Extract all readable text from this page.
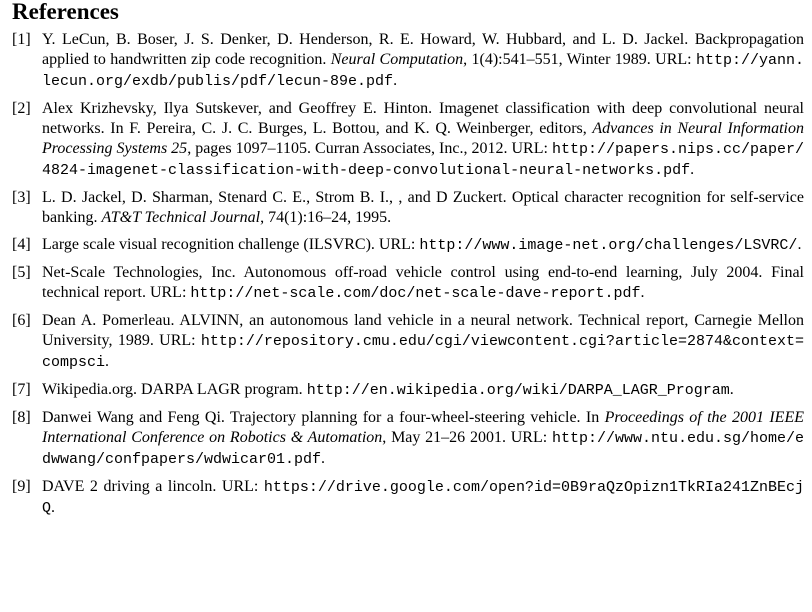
References
[1] Y. LeCun, B. Boser, J. S. Denker, D. Henderson, R. E. Howard, W. Hubbard, and L. D. Jackel. Backpropagation applied to handwritten zip code recognition. Neural Computation, 1(4):541–551, Winter 1989. URL: http://yann.lecun.org/exdb/publis/pdf/lecun-89e.pdf.
[2] Alex Krizhevsky, Ilya Sutskever, and Geoffrey E. Hinton. Imagenet classification with deep convolutional neural networks. In F. Pereira, C. J. C. Burges, L. Bottou, and K. Q. Weinberger, editors, Advances in Neural Information Processing Systems 25, pages 1097–1105. Curran Associates, Inc., 2012. URL: http://papers.nips.cc/paper/4824-imagenet-classification-with-deep-convolutional-neural-networks.pdf.
[3] L. D. Jackel, D. Sharman, Stenard C. E., Strom B. I., , and D Zuckert. Optical character recognition for self-service banking. AT&T Technical Journal, 74(1):16–24, 1995.
[4] Large scale visual recognition challenge (ILSVRC). URL: http://www.image-net.org/challenges/LSVRC/.
[5] Net-Scale Technologies, Inc. Autonomous off-road vehicle control using end-to-end learning, July 2004. Final technical report. URL: http://net-scale.com/doc/net-scale-dave-report.pdf.
[6] Dean A. Pomerleau. ALVINN, an autonomous land vehicle in a neural network. Technical report, Carnegie Mellon University, 1989. URL: http://repository.cmu.edu/cgi/viewcontent.cgi?article=2874&context=compsci.
[7] Wikipedia.org. DARPA LAGR program. http://en.wikipedia.org/wiki/DARPA_LAGR_Program.
[8] Danwei Wang and Feng Qi. Trajectory planning for a four-wheel-steering vehicle. In Proceedings of the 2001 IEEE International Conference on Robotics & Automation, May 21–26 2001. URL: http://www.ntu.edu.sg/home/edwwang/confpapers/wdwicar01.pdf.
[9] DAVE 2 driving a lincoln. URL: https://drive.google.com/open?id=0B9raQzOpizn1TkRIa241ZnBEcjQ.
